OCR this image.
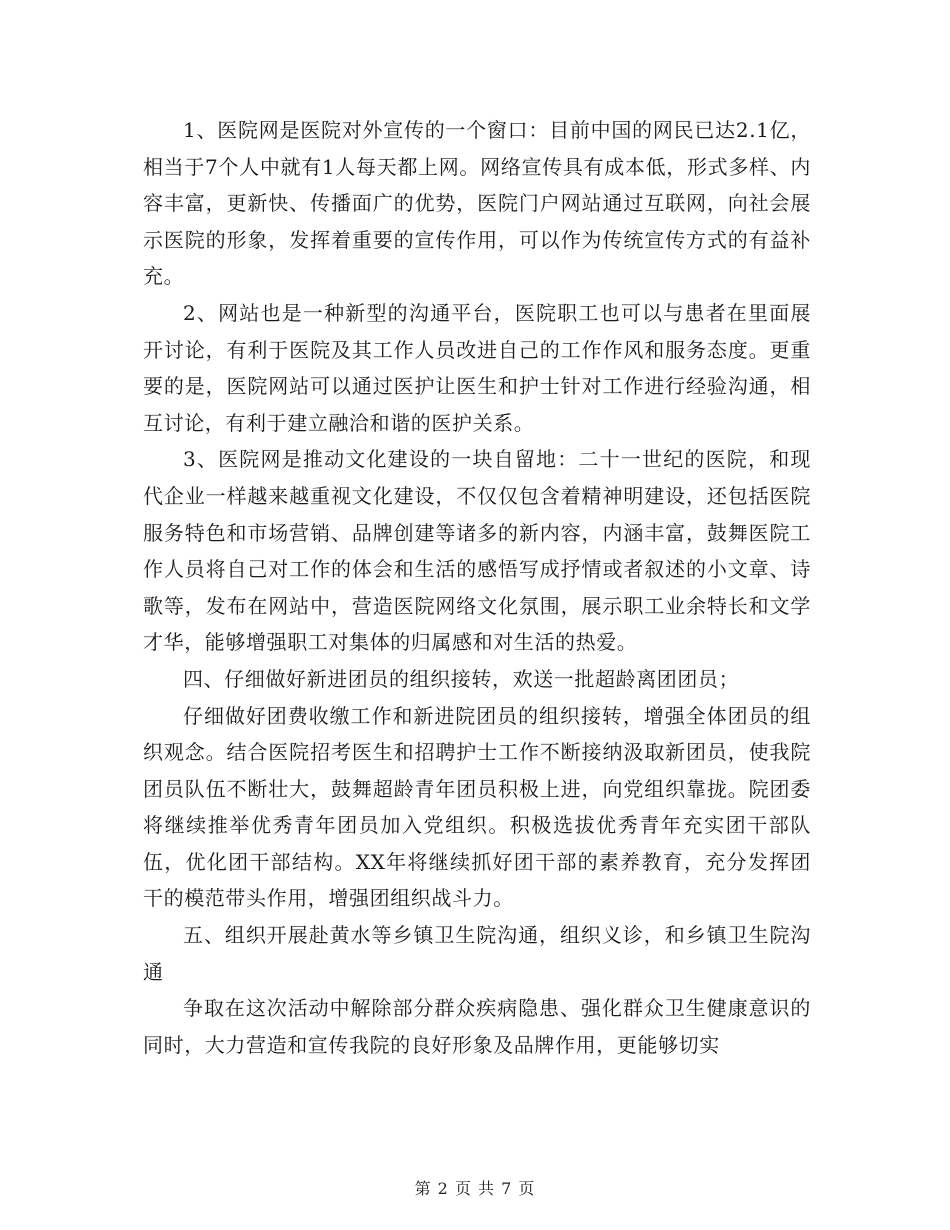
1、医院网是医院对外宣传的一个窗口：目前中国的网民已达2.1亿，相当于7个人中就有1人每天都上网。网络宣传具有成本低，形式多样、内容丰富，更新快、传播面广的优势，医院门户网站通过互联网，向社会展示医院的形象，发挥着重要的宣传作用，可以作为传统宣传方式的有益补充。

2、网站也是一种新型的沟通平台，医院职工也可以与患者在里面展开讨论，有利于医院及其工作人员改进自己的工作作风和服务态度。更重要的是，医院网站可以通过医护让医生和护士针对工作进行经验沟通，相互讨论，有利于建立融洽和谐的医护关系。

3、医院网是推动文化建设的一块自留地：二十一世纪的医院，和现代企业一样越来越重视文化建设，不仅仅包含着精神明建设，还包括医院服务特色和市场营销、品牌创建等诸多的新内容，内涵丰富，鼓舞医院工作人员将自己对工作的体会和生活的感悟写成抒情或者叙述的小文章、诗歌等，发布在网站中，营造医院网络文化氛围，展示职工业余特长和文学才华，能够增强职工对集体的归属感和对生活的热爱。

四、仔细做好新进团员的组织接转，欢送一批超龄离团团员；

仔细做好团费收缴工作和新进院团员的组织接转，增强全体团员的组织观念。结合医院招考医生和招聘护士工作不断接纳汲取新团员，使我院团员队伍不断壮大，鼓舞超龄青年团员积极上进，向党组织靠拢。院团委将继续推举优秀青年团员加入党组织。积极选拔优秀青年充实团干部队伍，优化团干部结构。XX年将继续抓好团干部的素养教育，充分发挥团干的模范带头作用，增强团组织战斗力。

五、组织开展赴黄水等乡镇卫生院沟通，组织义诊，和乡镇卫生院沟通

争取在这次活动中解除部分群众疾病隐患、强化群众卫生健康意识的同时，大力营造和宣传我院的良好形象及品牌作用，更能够切实

第 2 页 共 7 页
